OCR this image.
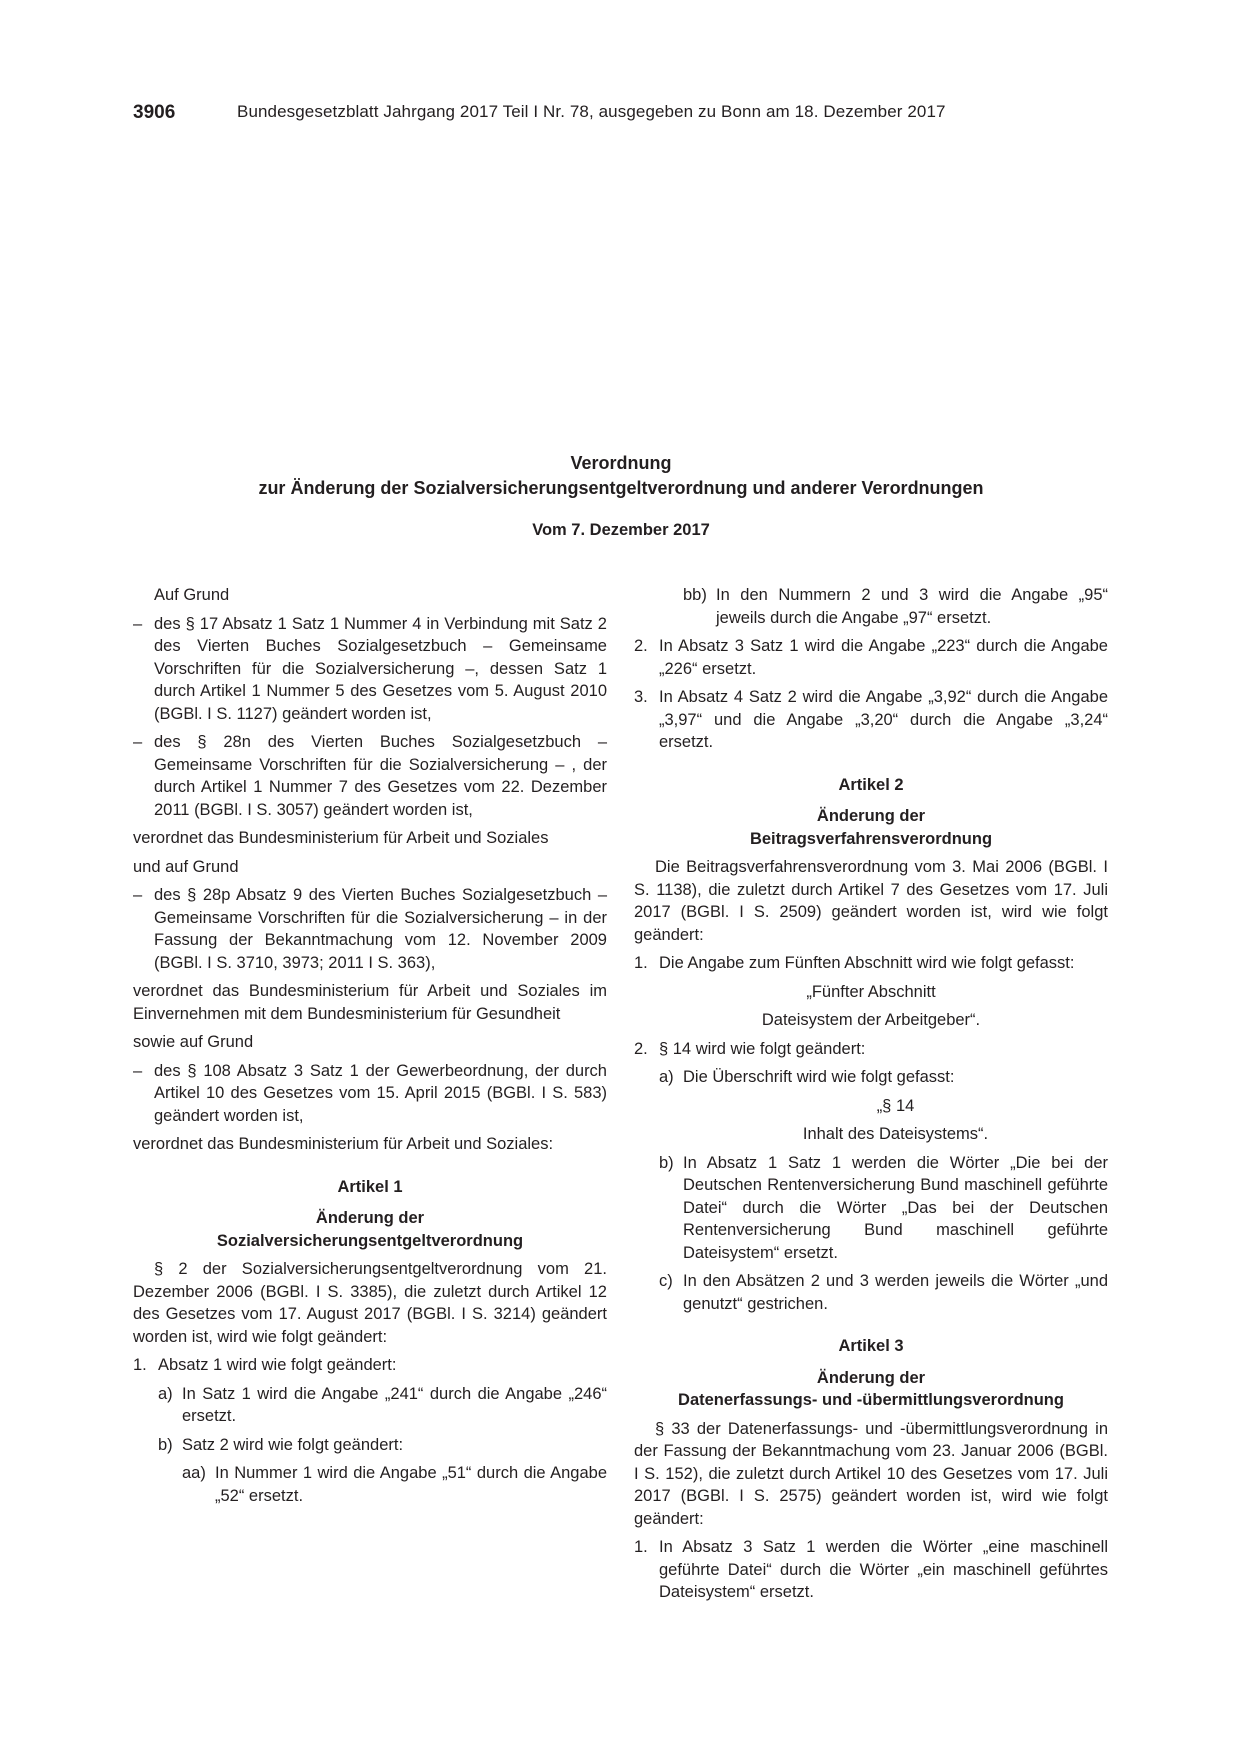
3906	Bundesgesetzblatt Jahrgang 2017 Teil I Nr. 78, ausgegeben zu Bonn am 18. Dezember 2017
Verordnung
zur Änderung der Sozialversicherungsentgeltverordnung und anderer Verordnungen
Vom 7. Dezember 2017

Auf Grund

– des § 17 Absatz 1 Satz 1 Nummer 4 in Verbindung mit Satz 2 des Vierten Buches Sozialgesetzbuch – Gemeinsame Vorschriften für die Sozialversicherung –, dessen Satz 1 durch Artikel 1 Nummer 5 des Gesetzes vom 5. August 2010 (BGBl. I S. 1127) geändert worden ist,
– des § 28n des Vierten Buches Sozialgesetzbuch – Gemeinsame Vorschriften für die Sozialversicherung – , der durch Artikel 1 Nummer 7 des Gesetzes vom 22. Dezember 2011 (BGBl. I S. 3057) geändert worden ist,

verordnet das Bundesministerium für Arbeit und Soziales

und auf Grund

– des § 28p Absatz 9 des Vierten Buches Sozialgesetzbuch – Gemeinsame Vorschriften für die Sozialversicherung – in der Fassung der Bekanntmachung vom 12. November 2009 (BGBl. I S. 3710, 3973; 2011 I S. 363),

verordnet das Bundesministerium für Arbeit und Soziales im Einvernehmen mit dem Bundesministerium für Gesundheit

sowie auf Grund

– des § 108 Absatz 3 Satz 1 der Gewerbeordnung, der durch Artikel 10 des Gesetzes vom 15. April 2015 (BGBl. I S. 583) geändert worden ist,

verordnet das Bundesministerium für Arbeit und Soziales:

Artikel 1

Änderung der

Sozialversicherungsentgeltverordnung

§ 2 der Sozialversicherungsentgeltverordnung vom 21. Dezember 2006 (BGBl. I S. 3385), die zuletzt durch Artikel 12 des Gesetzes vom 17. August 2017 (BGBl. I S. 3214) geändert worden ist, wird wie folgt geändert:

1. Absatz 1 wird wie folgt geändert:
a) In Satz 1 wird die Angabe „241“ durch die Angabe „246“ ersetzt.
b) Satz 2 wird wie folgt geändert:
aa) In Nummer 1 wird die Angabe „51“ durch die Angabe „52“ ersetzt.
bb) In den Nummern 2 und 3 wird die Angabe „95“ jeweils durch die Angabe „97“ ersetzt.
2. In Absatz 3 Satz 1 wird die Angabe „223“ durch die Angabe „226“ ersetzt.
3. In Absatz 4 Satz 2 wird die Angabe „3,92“ durch die Angabe „3,97“ und die Angabe „3,20“ durch die Angabe „3,24“ ersetzt.

Artikel 2

Änderung der

Beitragsverfahrensverordnung

Die Beitragsverfahrensverordnung vom 3. Mai 2006 (BGBl. I S. 1138), die zuletzt durch Artikel 7 des Gesetzes vom 17. Juli 2017 (BGBl. I S. 2509) geändert worden ist, wird wie folgt geändert:

1. Die Angabe zum Fünften Abschnitt wird wie folgt gefasst:

„Fünfter Abschnitt

Dateisystem der Arbeitgeber“.

2. § 14 wird wie folgt geändert:
a) Die Überschrift wird wie folgt gefasst:

„§ 14

Inhalt des Dateisystems“.

b) In Absatz 1 Satz 1 werden die Wörter „Die bei der Deutschen Rentenversicherung Bund maschinell geführte Datei“ durch die Wörter „Das bei der Deutschen Rentenversicherung Bund maschinell geführte Dateisystem“ ersetzt.
c) In den Absätzen 2 und 3 werden jeweils die Wörter „und genutzt“ gestrichen.

Artikel 3

Änderung der

Datenerfassungs- und -übermittlungsverordnung

§ 33 der Datenerfassungs- und -übermittlungsverordnung in der Fassung der Bekanntmachung vom 23. Januar 2006 (BGBl. I S. 152), die zuletzt durch Artikel 10 des Gesetzes vom 17. Juli 2017 (BGBl. I S. 2575) geändert worden ist, wird wie folgt geändert:

1. In Absatz 3 Satz 1 werden die Wörter „eine maschinell geführte Datei“ durch die Wörter „ein maschinell geführtes Dateisystem“ ersetzt.
